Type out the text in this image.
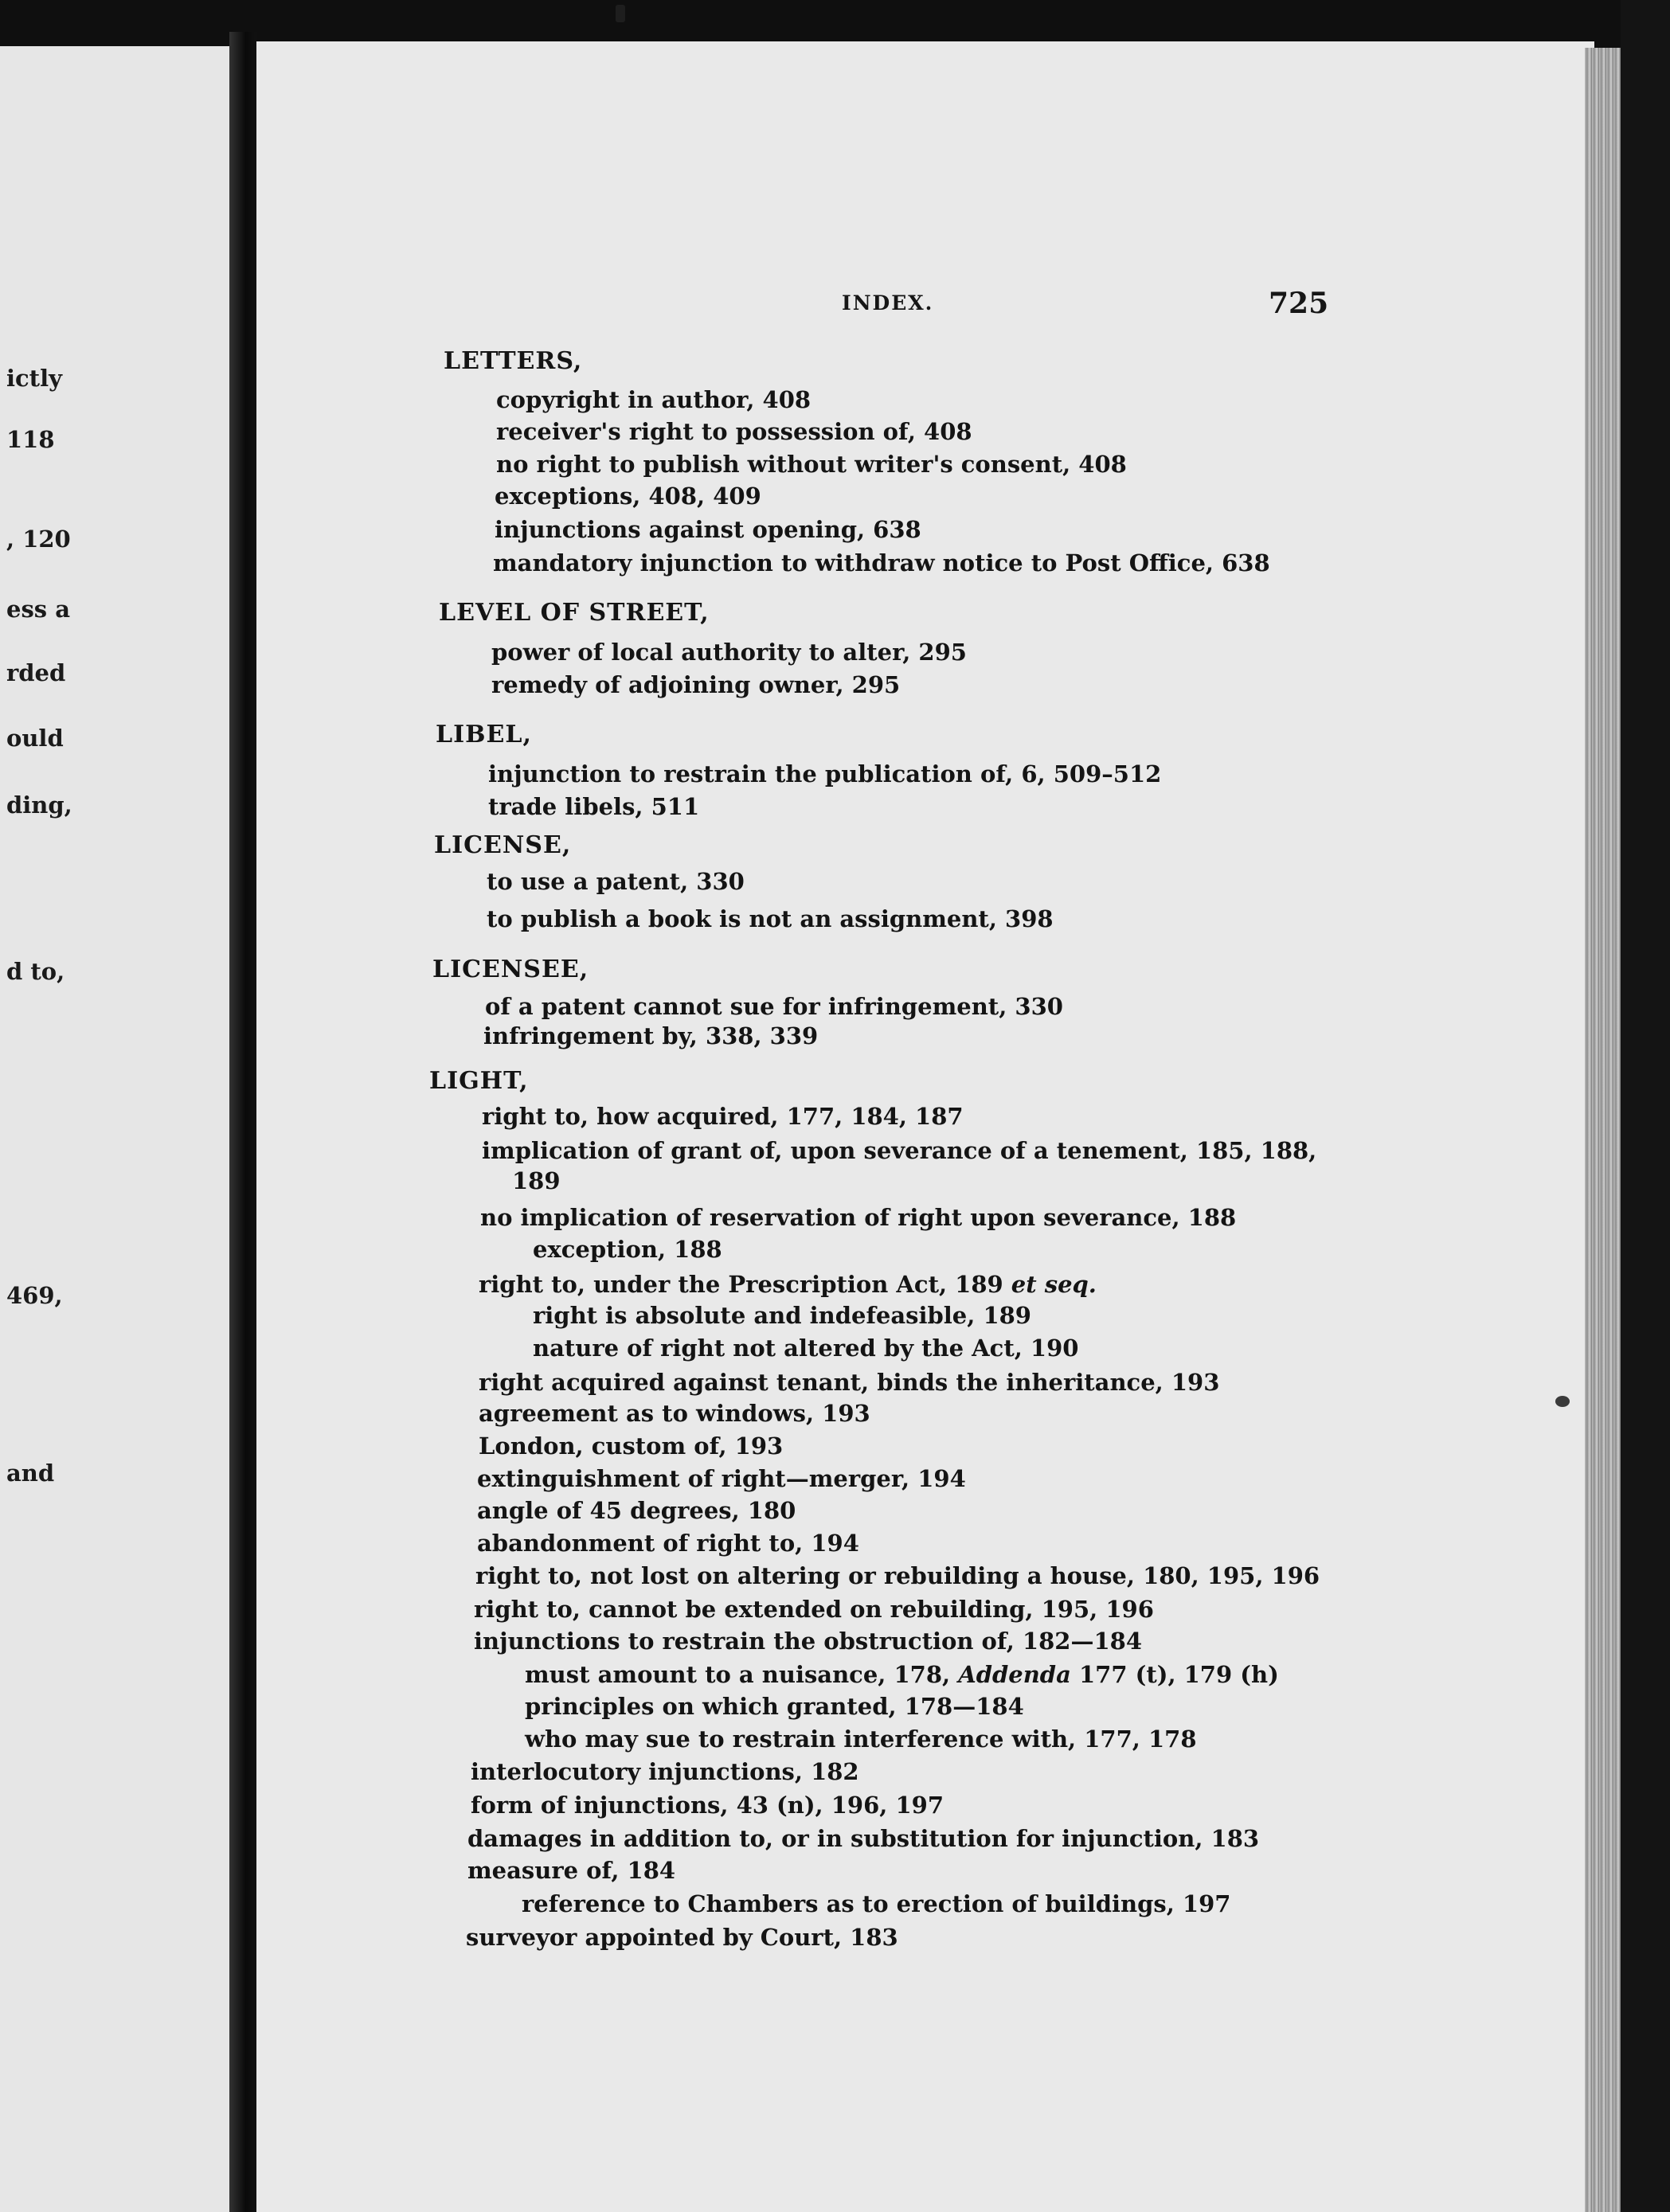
ictly
118
, 120
ess a
rded
ould
ding,
d to,
469,
and
INDEX.	725
LETTERS,
copyright in author, 408
receiver's right to possession of, 408
no right to publish without writer's consent, 408
exceptions, 408, 409
injunctions against opening, 638
mandatory injunction to withdraw notice to Post Office, 638
LEVEL OF STREET,
power of local authority to alter, 295
remedy of adjoining owner, 295
LIBEL,
injunction to restrain the publication of, 6, 509–512
trade libels, 511
LICENSE,
to use a patent, 330
to publish a book is not an assignment, 398
LICENSEE,
of a patent cannot sue for infringement, 330
infringement by, 338, 339
LIGHT,
right to, how acquired, 177, 184, 187
implication of grant of, upon severance of a tenement, 185, 188,
189
no implication of reservation of right upon severance, 188
exception, 188
right to, under the Prescription Act, 189 et seq.
right is absolute and indefeasible, 189
nature of right not altered by the Act, 190
right acquired against tenant, binds the inheritance, 193
agreement as to windows, 193
London, custom of, 193
extinguishment of right—merger, 194
angle of 45 degrees, 180
abandonment of right to, 194
right to, not lost on altering or rebuilding a house, 180, 195, 196
right to, cannot be extended on rebuilding, 195, 196
injunctions to restrain the obstruction of, 182—184
must amount to a nuisance, 178, Addenda 177 (t), 179 (h)
principles on which granted, 178—184
who may sue to restrain interference with, 177, 178
interlocutory injunctions, 182
form of injunctions, 43 (n), 196, 197
damages in addition to, or in substitution for injunction, 183
measure of, 184
reference to Chambers as to erection of buildings, 197
surveyor appointed by Court, 183
